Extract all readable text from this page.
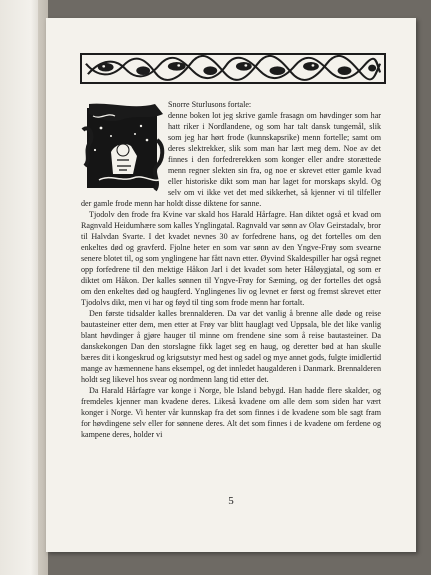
Snorre Sturlusons fortale:

denne boken lot jeg skrive gamle frasagn om høvdinger som har hatt riker i Nordlandene, og som har talt dansk tungemål, slik som jeg har hørt frode (kunnskapsrike) menn fortelle; samt om deres slektrekker, slik som man har lært meg dem. Noe av det finnes i den forfedrerekken som konger eller andre storættede menn regner slekten sin fra, og noe er skrevet etter gamle kvad eller historiske dikt som man har laget for morskaps skyld. Og selv om vi ikke vet det med sikkerhet, så kjenner vi til tilfeller der gamle frode menn har holdt disse diktene for sanne.

Tjodolv den frode fra Kvine var skald hos Harald Hårfagre. Han diktet også et kvad om Ragnvald Heidumhære som kalles Ynglingatal. Ragnvald var sønn av Olav Geirstadalv, bror til Halvdan Svarte. I det kvadet nevnes 30 av forfedrene hans, og det fortelles om den enkeltes død og gravferd. Fjolne heter en som var sønn av den Yngve-Frøy som svearne senere blotet til, og som ynglingene har fått navn etter. Øyvind Skaldespiller har også regnet opp forfedrene til den mektige Håkon Jarl i det kvadet som heter Håløygjatal, og som er diktet om Håkon. Der kalles sønnen til Yngve-Frøy for Sæming, og der fortelles det også om den enkeltes død og haugferd. Ynglingenes liv og levnet er først og fremst skrevet etter Tjodolvs dikt, men vi har og føyd til ting som frode menn har fortalt.

Den første tidsalder kalles brennalderen. Da var det vanlig å brenne alle døde og reise bautasteiner etter dem, men etter at Frøy var blitt hauglagt ved Uppsala, ble det like vanlig blant høvdinger å gjøre hauger til minne om frendene sine som å reise bautasteiner. Da danskekongen Dan den storslagne fikk laget seg en haug, og deretter bød at han skulle bæres dit i kongeskrud og krigsutstyr med hest og sadel og mye annet gods, fulgte imidlertid mange av hæmennene hans eksempel, og det innledet haugalderen i Danmark. Brennalderen holdt seg likevel hos svear og nordmenn lang tid etter det.

Da Harald Hårfagre var konge i Norge, ble Island bebygd. Han hadde flere skalder, og fremdeles kjenner man kvadene deres. Likeså kvadene om alle dem som siden har vært konger i Norge. Vi henter vår kunnskap fra det som finnes i de kvadene som ble sagt fram for høvdingene selv eller for sønnene deres. Alt det som finnes i de kvadene om ferdene og kampene deres, holder vi

5
